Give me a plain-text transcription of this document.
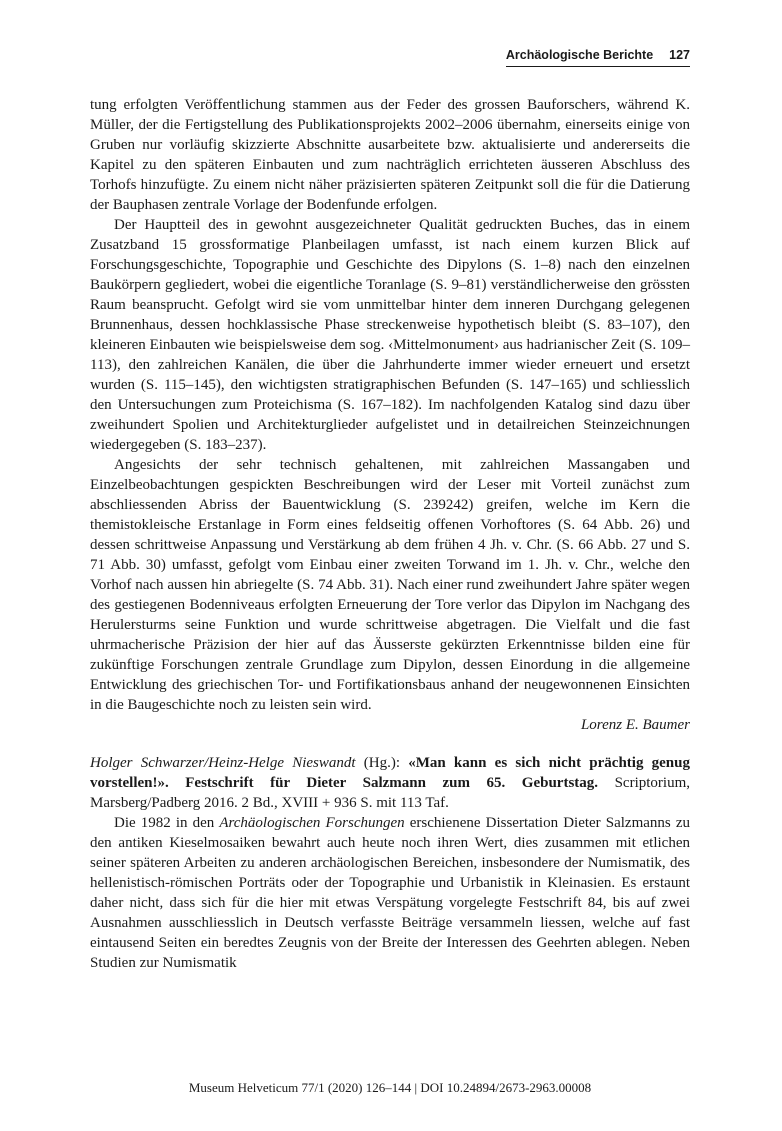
Archäologische Berichte 127

tung erfolgten Veröffentlichung stammen aus der Feder des grossen Bauforschers, während K. Müller, der die Fertigstellung des Publikationsprojekts 2002–2006 übernahm, einerseits einige von Gruben nur vorläufig skizzierte Abschnitte ausarbeitete bzw. aktualisierte und andererseits die Kapitel zu den späteren Einbauten und zum nachträglich errichteten äusseren Abschluss des Torhofs hinzufügte. Zu einem nicht näher präzisierten späteren Zeitpunkt soll die für die Datierung der Bauphasen zentrale Vorlage der Bodenfunde erfolgen.

Der Hauptteil des in gewohnt ausgezeichneter Qualität gedruckten Buches, das in einem Zusatzband 15 grossformatige Planbeilagen umfasst, ist nach einem kurzen Blick auf Forschungsgeschichte, Topographie und Geschichte des Dipylons (S. 1–8) nach den einzelnen Baukörpern gegliedert, wobei die eigentliche Toranlage (S. 9–81) verständlicherweise den grössten Raum beansprucht. Gefolgt wird sie vom unmittelbar hinter dem inneren Durchgang gelegenen Brunnenhaus, dessen hochklassische Phase streckenweise hypothetisch bleibt (S. 83–107), den kleineren Einbauten wie beispielsweise dem sog. ‹Mittelmonument› aus hadrianischer Zeit (S. 109–113), den zahlreichen Kanälen, die über die Jahrhunderte immer wieder erneuert und ersetzt wurden (S. 115–145), den wichtigsten stratigraphischen Befunden (S. 147–165) und schliesslich den Untersuchungen zum Proteichisma (S. 167–182). Im nachfolgenden Katalog sind dazu über zweihundert Spolien und Architekturglieder aufgelistet und in detailreichen Steinzeichnungen wiedergegeben (S. 183–237).

Angesichts der sehr technisch gehaltenen, mit zahlreichen Massangaben und Einzelbeobachtungen gespickten Beschreibungen wird der Leser mit Vorteil zunächst zum abschliessenden Abriss der Bauentwicklung (S. 239242) greifen, welche im Kern die themistokleische Erstanlage in Form eines feldseitig offenen Vorhoftores (S. 64 Abb. 26) und dessen schrittweise Anpassung und Verstärkung ab dem frühen 4 Jh. v. Chr. (S. 66 Abb. 27 und S. 71 Abb. 30) umfasst, gefolgt vom Einbau einer zweiten Torwand im 1. Jh. v. Chr., welche den Vorhof nach aussen hin abriegelte (S. 74 Abb. 31). Nach einer rund zweihundert Jahre später wegen des gestiegenen Bodenniveaus erfolgten Erneuerung der Tore verlor das Dipylon im Nachgang des Herulersturms seine Funktion und wurde schrittweise abgetragen. Die Vielfalt und die fast uhrmacherische Präzision der hier auf das Äusserste gekürzten Erkenntnisse bilden eine für zukünftige Forschungen zentrale Grundlage zum Dipylon, dessen Einordung in die allgemeine Entwicklung des griechischen Tor- und Fortifikationsbaus anhand der neugewonnenen Einsichten in die Baugeschichte noch zu leisten sein wird.

Lorenz E. Baumer

Holger Schwarzer/Heinz-Helge Nieswandt (Hg.): «Man kann es sich nicht prächtig genug vorstellen!». Festschrift für Dieter Salzmann zum 65. Geburtstag. Scriptorium, Marsberg/Padberg 2016. 2 Bd., XVIII + 936 S. mit 113 Taf.

Die 1982 in den Archäologischen Forschungen erschienene Dissertation Dieter Salzmanns zu den antiken Kieselmosaiken bewahrt auch heute noch ihren Wert, dies zusammen mit etlichen seiner späteren Arbeiten zu anderen archäologischen Bereichen, insbesondere der Numismatik, des hellenistisch-römischen Porträts oder der Topographie und Urbanistik in Kleinasien. Es erstaunt daher nicht, dass sich für die hier mit etwas Verspätung vorgelegte Festschrift 84, bis auf zwei Ausnahmen ausschliesslich in Deutsch verfasste Beiträge versammeln liessen, welche auf fast eintausend Seiten ein beredtes Zeugnis von der Breite der Interessen des Geehrten ablegen. Neben Studien zur Numismatik

Museum Helveticum 77/1 (2020) 126–144 | DOI 10.24894/2673-2963.00008
